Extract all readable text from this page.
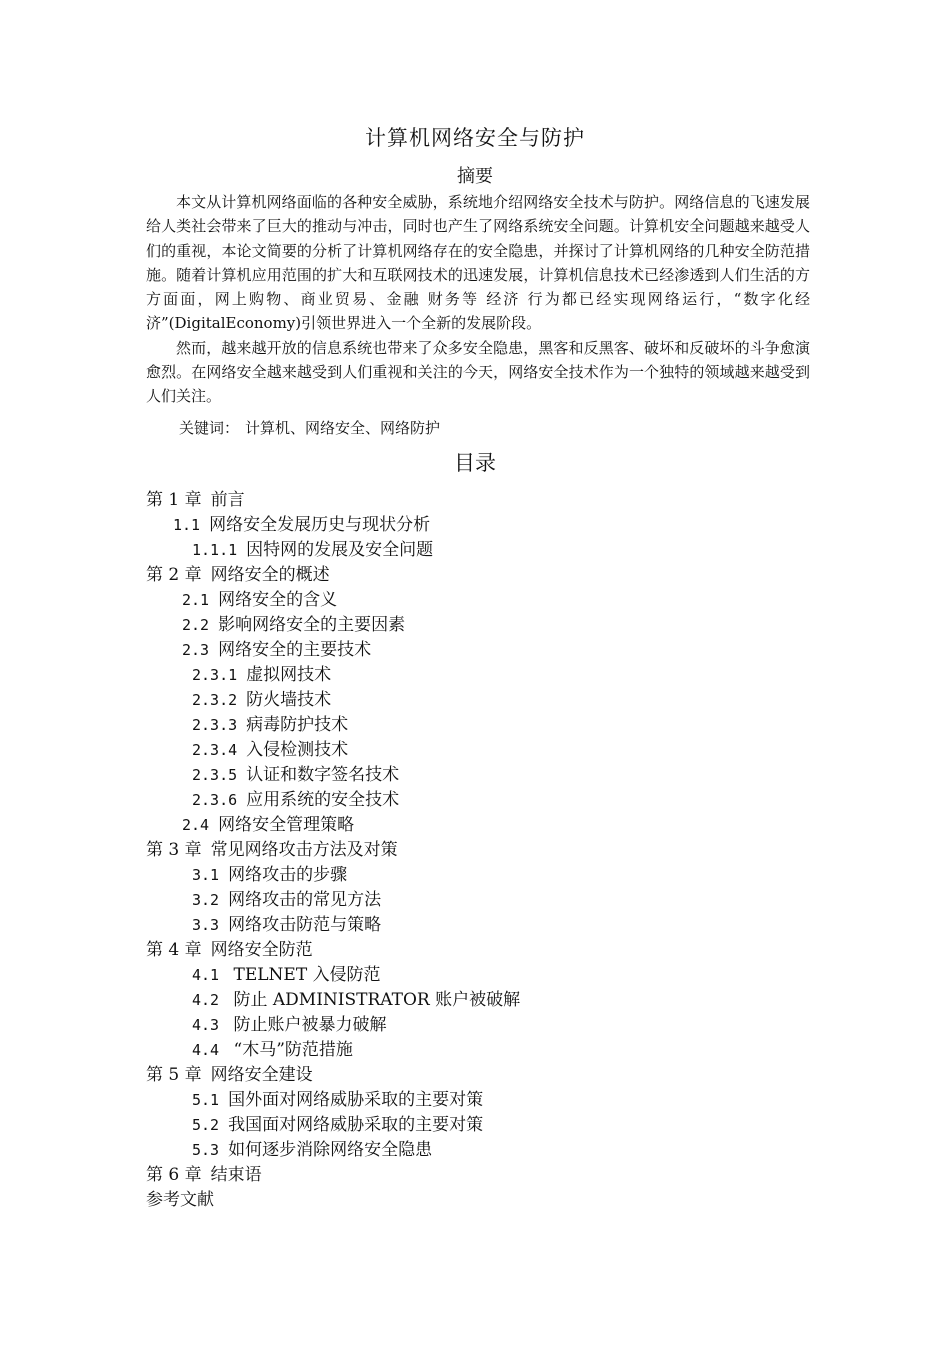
计算机网络安全与防护
摘要

本文从计算机网络面临的各种安全威胁，系统地介绍网络安全技术与防护。网络信息的飞速发展给人类社会带来了巨大的推动与冲击，同时也产生了网络系统安全问题。计算机安全问题越来越受人们的重视，本论文简要的分析了计算机网络存在的安全隐患，并探讨了计算机网络的几种安全防范措施。随着计算机应用范围的扩大和互联网技术的迅速发展，计算机信息技术已经渗透到人们生活的方方面面，网上购物、商业贸易、金融 财务等 经济 行为都已经实现网络运行，“数字化经济”(DigitalEconomy)引领世界进入一个全新的发展阶段。

然而，越来越开放的信息系统也带来了众多安全隐患，黑客和反黑客、破坏和反破坏的斗争愈演愈烈。在网络安全越来越受到人们重视和关注的今天，网络安全技术作为一个独特的领域越来越受到人们关注。

关键词： 计算机、网络安全、网络防护
目录
第 1 章 前言
1.1 网络安全发展历史与现状分析
1.1.1 因特网的发展及安全问题
第 2 章 网络安全的概述
2.1 网络安全的含义
2.2 影响网络安全的主要因素
2.3 网络安全的主要技术
2.3.1 虚拟网技术
2.3.2 防火墙技术
2.3.3 病毒防护技术
2.3.4 入侵检测技术
2.3.5 认证和数字签名技术
2.3.6 应用系统的安全技术
2.4 网络安全管理策略
第 3 章 常见网络攻击方法及对策
3.1 网络攻击的步骤
3.2 网络攻击的常见方法
3.3 网络攻击防范与策略
第 4 章 网络安全防范
4.1 TELNET 入侵防范
4.2 防止 ADMINISTRATOR 账户被破解
4.3 防止账户被暴力破解
4.4 “木马”防范措施
第 5 章 网络安全建设
5.1 国外面对网络威胁采取的主要对策
5.2 我国面对网络威胁采取的主要对策
5.3 如何逐步消除网络安全隐患
第 6 章 结束语
参考文献
